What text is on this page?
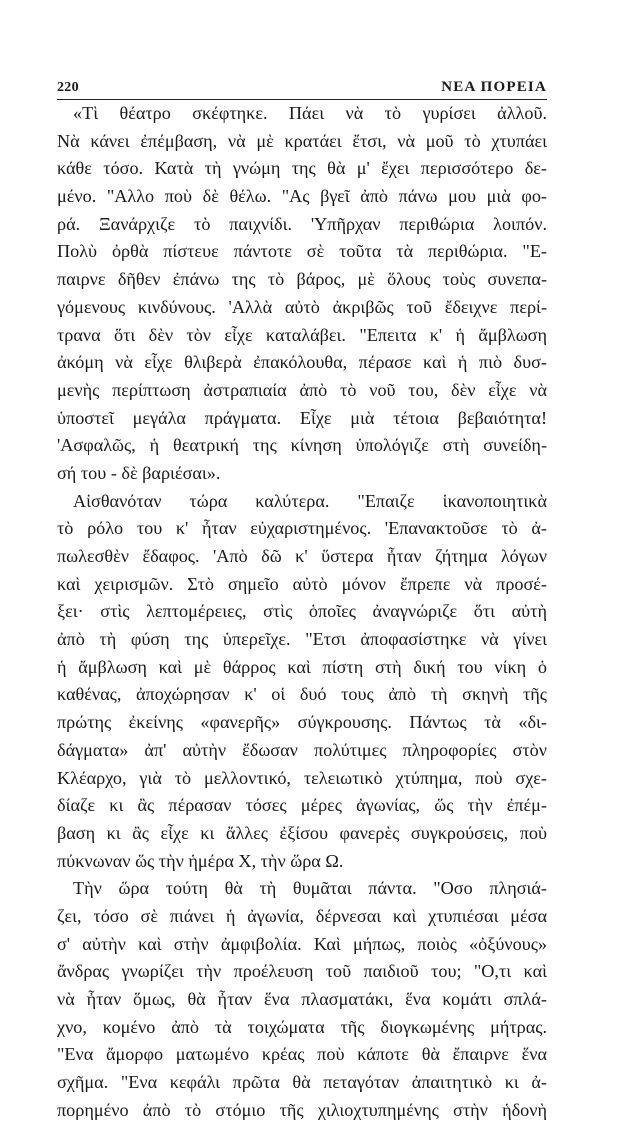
220	ΝΕΑ ΠΟΡΕΙΑ
«Τὶ θέατρο σκέφτηκε. Πάει νὰ τὸ γυρίσει ἀλλοῦ.
Νὰ κάνει ἐπέμβαση, νὰ μὲ κρατάει ἔτσι, νὰ μοῦ τὸ χτυπάει
κάθε τόσο. Κατὰ τὴ γνώμη της θὰ μ' ἔχει περισσότερο δε-
μένο. "Αλλο ποὺ δὲ θέλω. "Ας βγεῖ ἀπὸ πάνω μου μιὰ φο-
ρά. Ξανάρχιζε τὸ παιχνίδι. 'Υπῆρχαν περιθώρια λοιπόν.
Πολὺ ὀρθὰ πίστευε πάντοτε σὲ τοῦτα τὰ περιθώρια. "Ε-
παιρνε δῆθεν ἐπάνω της τὸ βάρος, μὲ ὅλους τοὺς συνεπα-
γόμενους κινδύνους. 'Αλλὰ αὐτὸ ἀκριβῶς τοῦ ἔδειχνε περί-
τρανα ὅτι δὲν τὸν εἶχε καταλάβει. "Επειτα κ' ἡ ἄμβλωση
ἀκόμη νὰ εἶχε θλιβερὰ ἐπακόλουθα, πέρασε καὶ ἡ πιὸ δυσ-
μενὴς περίπτωση ἀστραπιαία ἀπὸ τὸ νοῦ του, δὲν εἶχε νὰ
ὑποστεῖ μεγάλα πράγματα. Εἶχε μιὰ τέτοια βεβαιότητα!
'Ασφαλῶς, ἡ θεατρική της κίνηση ὑπολόγιζε στὴ συνείδη-
σή του - δὲ βαριέσαι».
Αἰσθανόταν τώρα καλύτερα. "Επαιζε ἱκανοποιητικὰ
τὸ ρόλο του κ' ἦταν εὐχαριστημένος. 'Επανακτοῦσε τὸ ἀ-
πωλεσθὲν ἔδαφος. 'Απὸ δῶ κ' ὕστερα ἦταν ζήτημα λόγων
καὶ χειρισμῶν. Στὸ σημεῖο αὐτὸ μόνον ἔπρεπε νὰ προσέ-
ξει· στὶς λεπτομέρειες, στὶς ὁποῖες ἀναγνώριζε ὅτι αὐτὴ
ἀπὸ τὴ φύση της ὑπερεῖχε. "Ετσι ἀποφασίστηκε νὰ γίνει
ἡ ἄμβλωση καὶ μὲ θάρρος καὶ πίστη στὴ δική του νίκη ὁ
καθένας, ἀποχώρησαν κ' οἱ δυό τους ἀπὸ τὴ σκηνὴ τῆς
πρώτης ἐκείνης «φανερῆς» σύγκρουσης. Πάντως τὰ «δι-
δάγματα» ἀπ' αὐτὴν ἔδωσαν πολύτιμες πληροφορίες στὸν
Κλέαρχο, γιὰ τὸ μελλοντικό, τελειωτικὸ χτύπημα, ποὺ σχε-
δίαζε κι ἂς πέρασαν τόσες μέρες ἀγωνίας, ὥς τὴν ἐπέμ-
βαση κι ἂς εἶχε κι ἄλλες ἐξίσου φανερὲς συγκρούσεις, ποὺ
πύκνωναν ὥς τὴν ἡμέρα Χ, τὴν ὥρα Ω.
Τὴν ὥρα τούτη θὰ τὴ θυμᾶται πάντα. "Οσο πλησιά-
ζει, τόσο σὲ πιάνει ἡ ἀγωνία, δέρνεσαι καὶ χτυπιέσαι μέσα
σ' αὐτὴν καὶ στὴν ἀμφιβολία. Καὶ μήπως, ποιὸς «ὀξύνους»
ἄνδρας γνωρίζει τὴν προέλευση τοῦ παιδιοῦ του; "Ο,τι καὶ
νὰ ἦταν ὅμως, θὰ ἦταν ἕνα πλασματάκι, ἕνα κομάτι σπλά-
χνο, κομένο ἀπὸ τὰ τοιχώματα τῆς διογκωμένης μήτρας.
"Ενα ἄμορφο ματωμένο κρέας ποὺ κάποτε θὰ ἔπαιρνε ἕνα
σχῆμα. "Ενα κεφάλι πρῶτα θὰ πεταγόταν ἀπαιτητικὸ κι ἀ-
πορημένο ἀπὸ τὸ στόμιο τῆς χιλιοχτυπημένης στὴν ἡδονὴ
